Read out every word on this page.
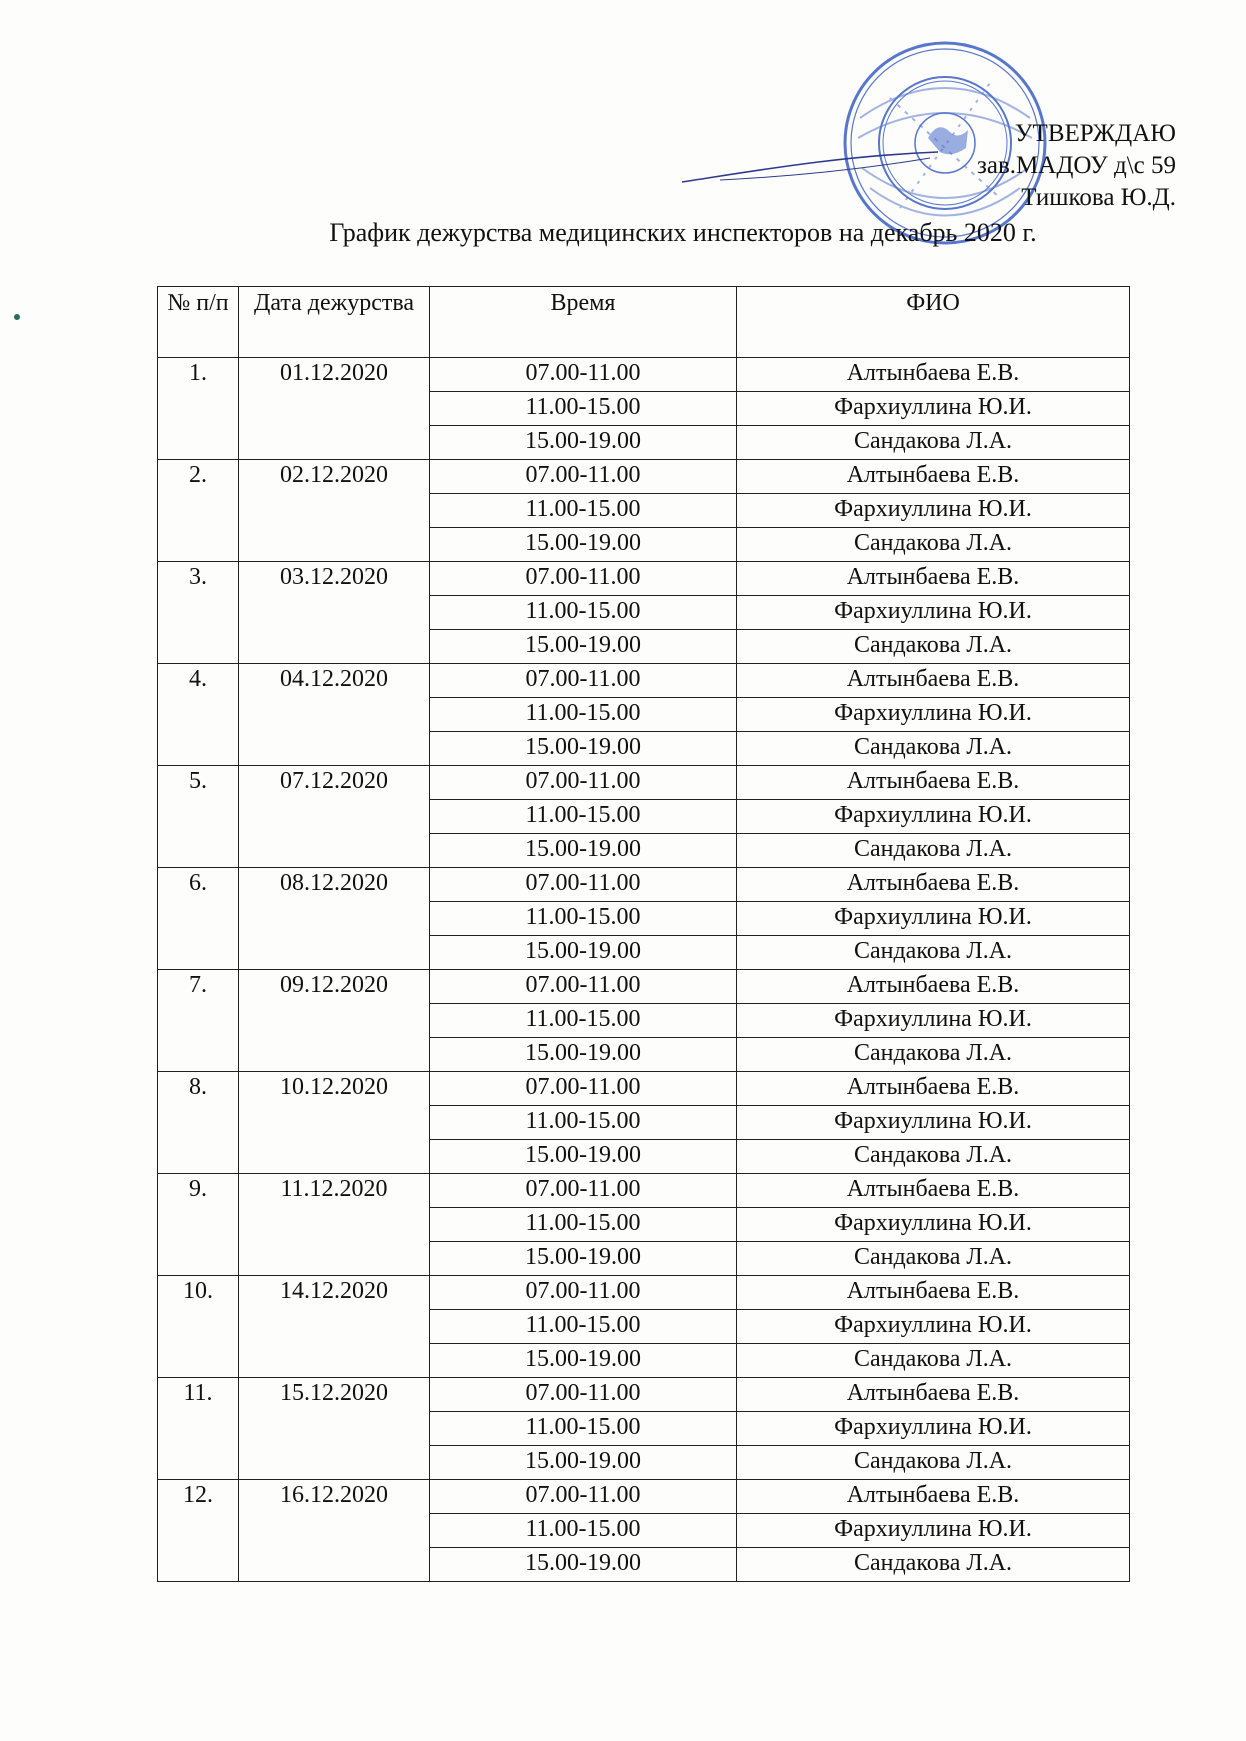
УТВЕРЖДАЮ
зав.МАДОУ д\с 59
Тишкова Ю.Д.
График дежурства медицинских инспекторов на декабрь 2020 г.
№ п/п	Дата дежурства	Время	ФИО
1.	01.12.2020	07.00-11.00	Алтынбаева Е.В.
		11.00-15.00	Фархиуллина Ю.И.
		15.00-19.00	Сандакова Л.А.
2.	02.12.2020	07.00-11.00	Алтынбаева Е.В.
		11.00-15.00	Фархиуллина Ю.И.
		15.00-19.00	Сандакова Л.А.
3.	03.12.2020	07.00-11.00	Алтынбаева Е.В.
		11.00-15.00	Фархиуллина Ю.И.
		15.00-19.00	Сандакова Л.А.
4.	04.12.2020	07.00-11.00	Алтынбаева Е.В.
		11.00-15.00	Фархиуллина Ю.И.
		15.00-19.00	Сандакова Л.А.
5.	07.12.2020	07.00-11.00	Алтынбаева Е.В.
		11.00-15.00	Фархиуллина Ю.И.
		15.00-19.00	Сандакова Л.А.
6.	08.12.2020	07.00-11.00	Алтынбаева Е.В.
		11.00-15.00	Фархиуллина Ю.И.
		15.00-19.00	Сандакова Л.А.
7.	09.12.2020	07.00-11.00	Алтынбаева Е.В.
		11.00-15.00	Фархиуллина Ю.И.
		15.00-19.00	Сандакова Л.А.
8.	10.12.2020	07.00-11.00	Алтынбаева Е.В.
		11.00-15.00	Фархиуллина Ю.И.
		15.00-19.00	Сандакова Л.А.
9.	11.12.2020	07.00-11.00	Алтынбаева Е.В.
		11.00-15.00	Фархиуллина Ю.И.
		15.00-19.00	Сандакова Л.А.
10.	14.12.2020	07.00-11.00	Алтынбаева Е.В.
		11.00-15.00	Фархиуллина Ю.И.
		15.00-19.00	Сандакова Л.А.
11.	15.12.2020	07.00-11.00	Алтынбаева Е.В.
		11.00-15.00	Фархиуллина Ю.И.
		15.00-19.00	Сандакова Л.А.
12.	16.12.2020	07.00-11.00	Алтынбаева Е.В.
		11.00-15.00	Фархиуллина Ю.И.
		15.00-19.00	Сандакова Л.А.
